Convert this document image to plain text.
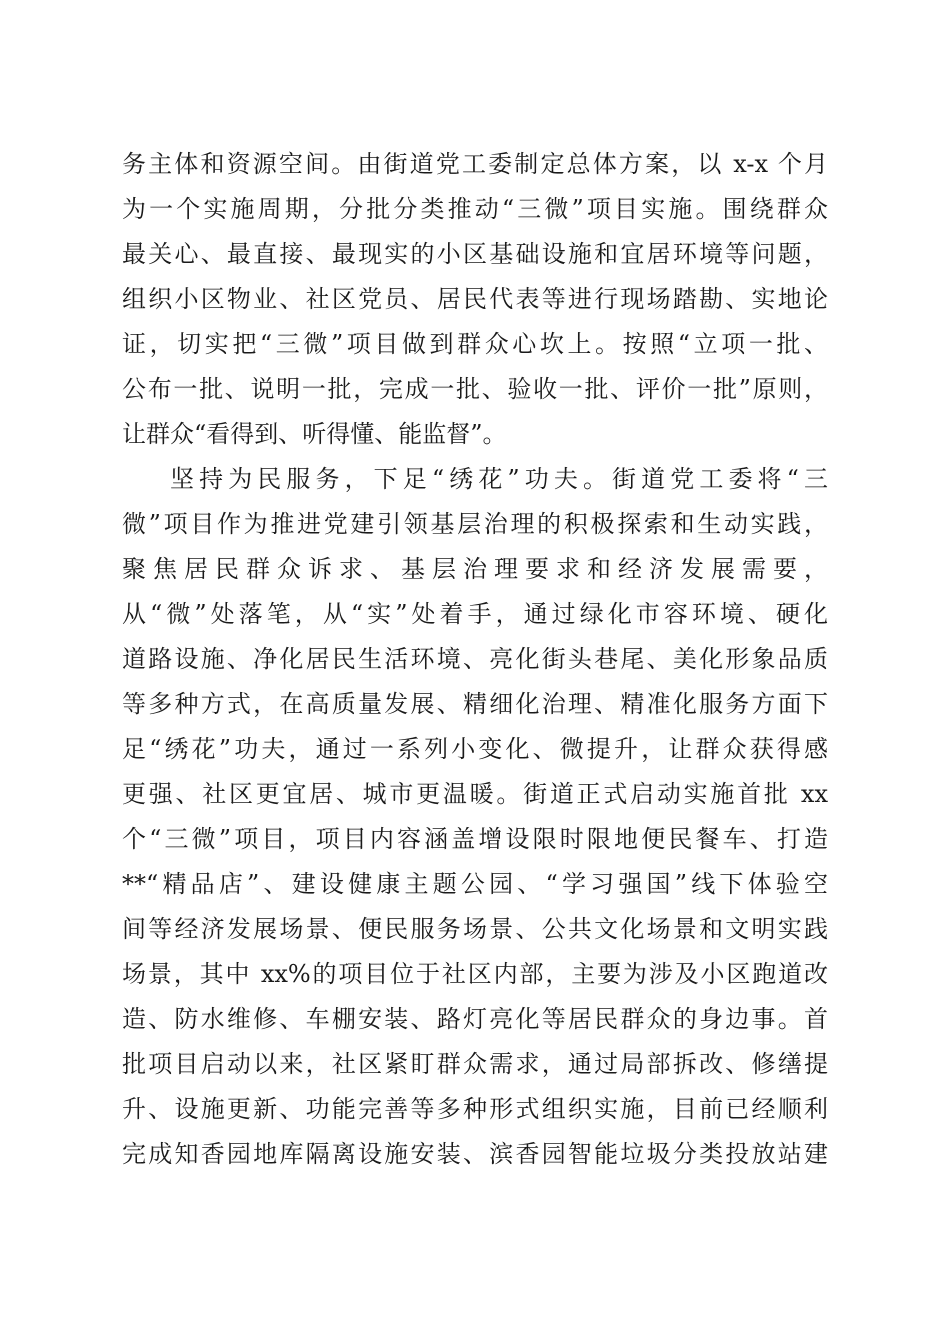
务主体和资源空间。由街道党工委制定总体方案，以 x-x 个月
为一个实施周期，分批分类推动“三微”项目实施。围绕群众
最关心、最直接、最现实的小区基础设施和宜居环境等问题，
组织小区物业、社区党员、居民代表等进行现场踏勘、实地论
证，切实把“三微”项目做到群众心坎上。按照“立项一批、
公布一批、说明一批，完成一批、验收一批、评价一批”原则，
让群众“看得到、听得懂、能监督”。
坚持为民服务，下足“绣花”功夫。街道党工委将“三
微”项目作为推进党建引领基层治理的积极探索和生动实践，
聚焦居民群众诉求、基层治理要求和经济发展需要，
从“微”处落笔，从“实”处着手，通过绿化市容环境、硬化
道路设施、净化居民生活环境、亮化街头巷尾、美化形象品质
等多种方式，在高质量发展、精细化治理、精准化服务方面下
足“绣花”功夫，通过一系列小变化、微提升，让群众获得感
更强、社区更宜居、城市更温暖。街道正式启动实施首批 xx
个“三微”项目，项目内容涵盖增设限时限地便民餐车、打造
**“精品店”、建设健康主题公园、“学习强国”线下体验空
间等经济发展场景、便民服务场景、公共文化场景和文明实践
场景，其中 xx%的项目位于社区内部，主要为涉及小区跑道改
造、防水维修、车棚安装、路灯亮化等居民群众的身边事。首
批项目启动以来，社区紧盯群众需求，通过局部拆改、修缮提
升、设施更新、功能完善等多种形式组织实施，目前已经顺利
完成知香园地库隔离设施安装、滨香园智能垃圾分类投放站建
